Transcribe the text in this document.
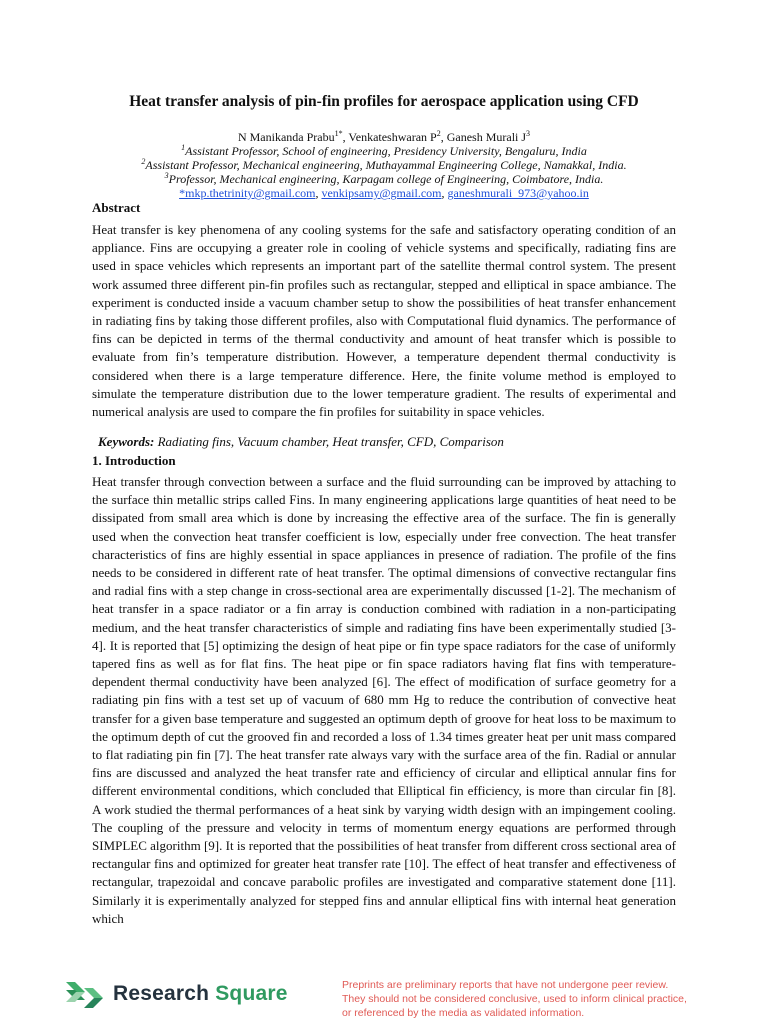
Heat transfer analysis of pin-fin profiles for aerospace application using CFD
N Manikanda Prabu$^{1*}$, Venkateshwaran $P^2$, Ganesh Murali $J^3$
$^1$Assistant Professor, School of engineering, Presidency University, Bengaluru, India
$^2$Assistant Professor, Mechanical engineering, Muthayammal Engineering College, Namakkal, India.
$^3$Professor, Mechanical engineering, Karpagam college of Engineering, Coimbatore, India.
*mkp.thetrinity@gmail.com, venkipsamy@gmail.com, ganeshmurali_973@yahoo.in
Abstract

Heat transfer is key phenomena of any cooling systems for the safe and satisfactory operating condition of an appliance. Fins are occupying a greater role in cooling of vehicle systems and specifically, radiating fins are used in space vehicles which represents an important part of the satellite thermal control system. The present work assumed three different pin-fin profiles such as rectangular, stepped and elliptical in space ambiance. The experiment is conducted inside a vacuum chamber setup to show the possibilities of heat transfer enhancement in radiating fins by taking those different profiles, also with Computational fluid dynamics. The performance of fins can be depicted in terms of the thermal conductivity and amount of heat transfer which is possible to evaluate from fin’s temperature distribution. However, a temperature dependent thermal conductivity is considered when there is a large temperature difference. Here, the finite volume method is employed to simulate the temperature distribution due to the lower temperature gradient. The results of experimental and numerical analysis are used to compare the fin profiles for suitability in space vehicles.

Keywords: Radiating fins, Vacuum chamber, Heat transfer, CFD, Comparison
1. Introduction

Heat transfer through convection between a surface and the fluid surrounding can be improved by attaching to the surface thin metallic strips called Fins. In many engineering applications large quantities of heat need to be dissipated from small area which is done by increasing the effective area of the surface. The fin is generally used when the convection heat transfer coefficient is low, especially under free convection. The heat transfer characteristics of fins are highly essential in space appliances in presence of radiation. The profile of the fins needs to be considered in different rate of heat transfer. The optimal dimensions of convective rectangular fins and radial fins with a step change in cross-sectional area are experimentally discussed [1-2]. The mechanism of heat transfer in a space radiator or a fin array is conduction combined with radiation in a non-participating medium, and the heat transfer characteristics of simple and radiating fins have been experimentally studied [3-4]. It is reported that [5] optimizing the design of heat pipe or fin type space radiators for the case of uniformly tapered fins as well as for flat fins. The heat pipe or fin space radiators having flat fins with temperature-dependent thermal conductivity have been analyzed [6]. The effect of modification of surface geometry for a radiating pin fins with a test set up of vacuum of 680 mm Hg to reduce the contribution of convective heat transfer for a given base temperature and suggested an optimum depth of groove for heat loss to be maximum to the optimum depth of cut the grooved fin and recorded a loss of 1.34 times greater heat per unit mass compared to flat radiating pin fin [7]. The heat transfer rate always vary with the surface area of the fin. Radial or annular fins are discussed and analyzed the heat transfer rate and efficiency of circular and elliptical annular fins for different environmental conditions, which concluded that Elliptical fin efficiency, is more than circular fin [8]. A work studied the thermal performances of a heat sink by varying width design with an impingement cooling. The coupling of the pressure and velocity in terms of momentum energy equations are performed through SIMPLEC algorithm [9]. It is reported that the possibilities of heat transfer from different cross sectional area of rectangular fins and optimized for greater heat transfer rate [10]. The effect of heat transfer and effectiveness of rectangular, trapezoidal and concave parabolic profiles are investigated and comparative statement done [11]. Similarly it is experimentally analyzed for stepped fins and annular elliptical fins with internal heat generation which

Research Square	Preprints are preliminary reports that have not undergone peer review.
They should not be considered conclusive, used to inform clinical practice,
or referenced by the media as validated information.
